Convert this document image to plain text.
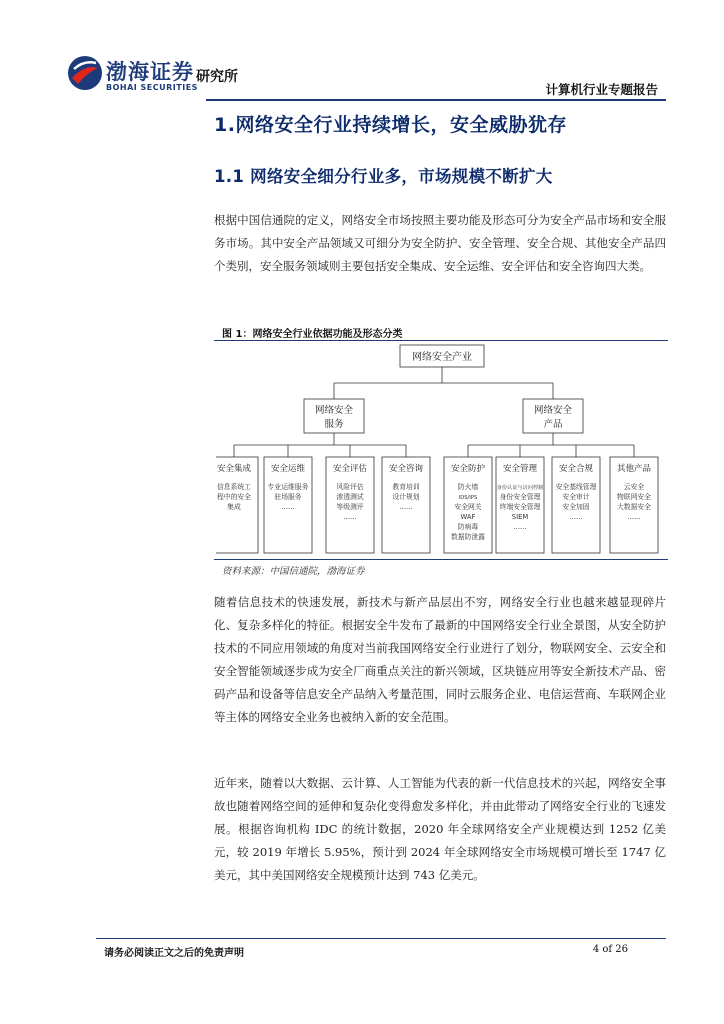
渤海证券
BOHAI SECURITIES
研究所
计算机行业专题报告
1.网络安全行业持续增长，安全威胁犹存
1.1 网络安全细分行业多，市场规模不断扩大
根据中国信通院的定义，网络安全市场按照主要功能及形态可分为安全产品市场和安全服务市场。其中安全产品领域又可细分为安全防护、安全管理、安全合规、其他安全产品四个类别，安全服务领域则主要包括安全集成、安全运维、安全评估和安全咨询四大类。
图 1：网络安全行业依据功能及形态分类
网络安全产业
网络安全
服务
网络安全
产品
安全集成
信息系统工
程中的安全
集成
安全运维
专业运维服务
驻场服务
......
安全评估
风险评估
渗透测试
等级测评
......
安全咨询
教育培训
设计规划
......
安全防护
防火墙
IDS/IPS
安全网关
WAF
防病毒
数据防泄露
安全管理
身份认证与访问控制
身份安全管理
终端安全管理
SIEM
......
安全合规
安全基线管理
安全审计
安全加固
......
其他产品
云安全
物联网安全
大数据安全
......
资料来源：中国信通院，渤海证券
随着信息技术的快速发展，新技术与新产品层出不穷，网络安全行业也越来越显现碎片化、复杂多样化的特征。根据安全牛发布了最新的中国网络安全行业全景图，从安全防护技术的不同应用领域的角度对当前我国网络安全行业进行了划分，物联网安全、云安全和安全智能领域逐步成为安全厂商重点关注的新兴领域，区块链应用等安全新技术产品、密码产品和设备等信息安全产品纳入考量范围，同时云服务企业、电信运营商、车联网企业等主体的网络安全业务也被纳入新的安全范围。
近年来，随着以大数据、云计算、人工智能为代表的新一代信息技术的兴起，网络安全事故也随着网络空间的延伸和复杂化变得愈发多样化，并由此带动了网络安全行业的飞速发展。根据咨询机构 IDC 的统计数据，2020 年全球网络安全产业规模达到 1252 亿美元，较 2019 年增长 5.95%，预计到 2024 年全球网络安全市场规模可增长至 1747 亿美元，其中美国网络安全规模预计达到 743 亿美元。
请务必阅读正文之后的免责声明	4 of 26
